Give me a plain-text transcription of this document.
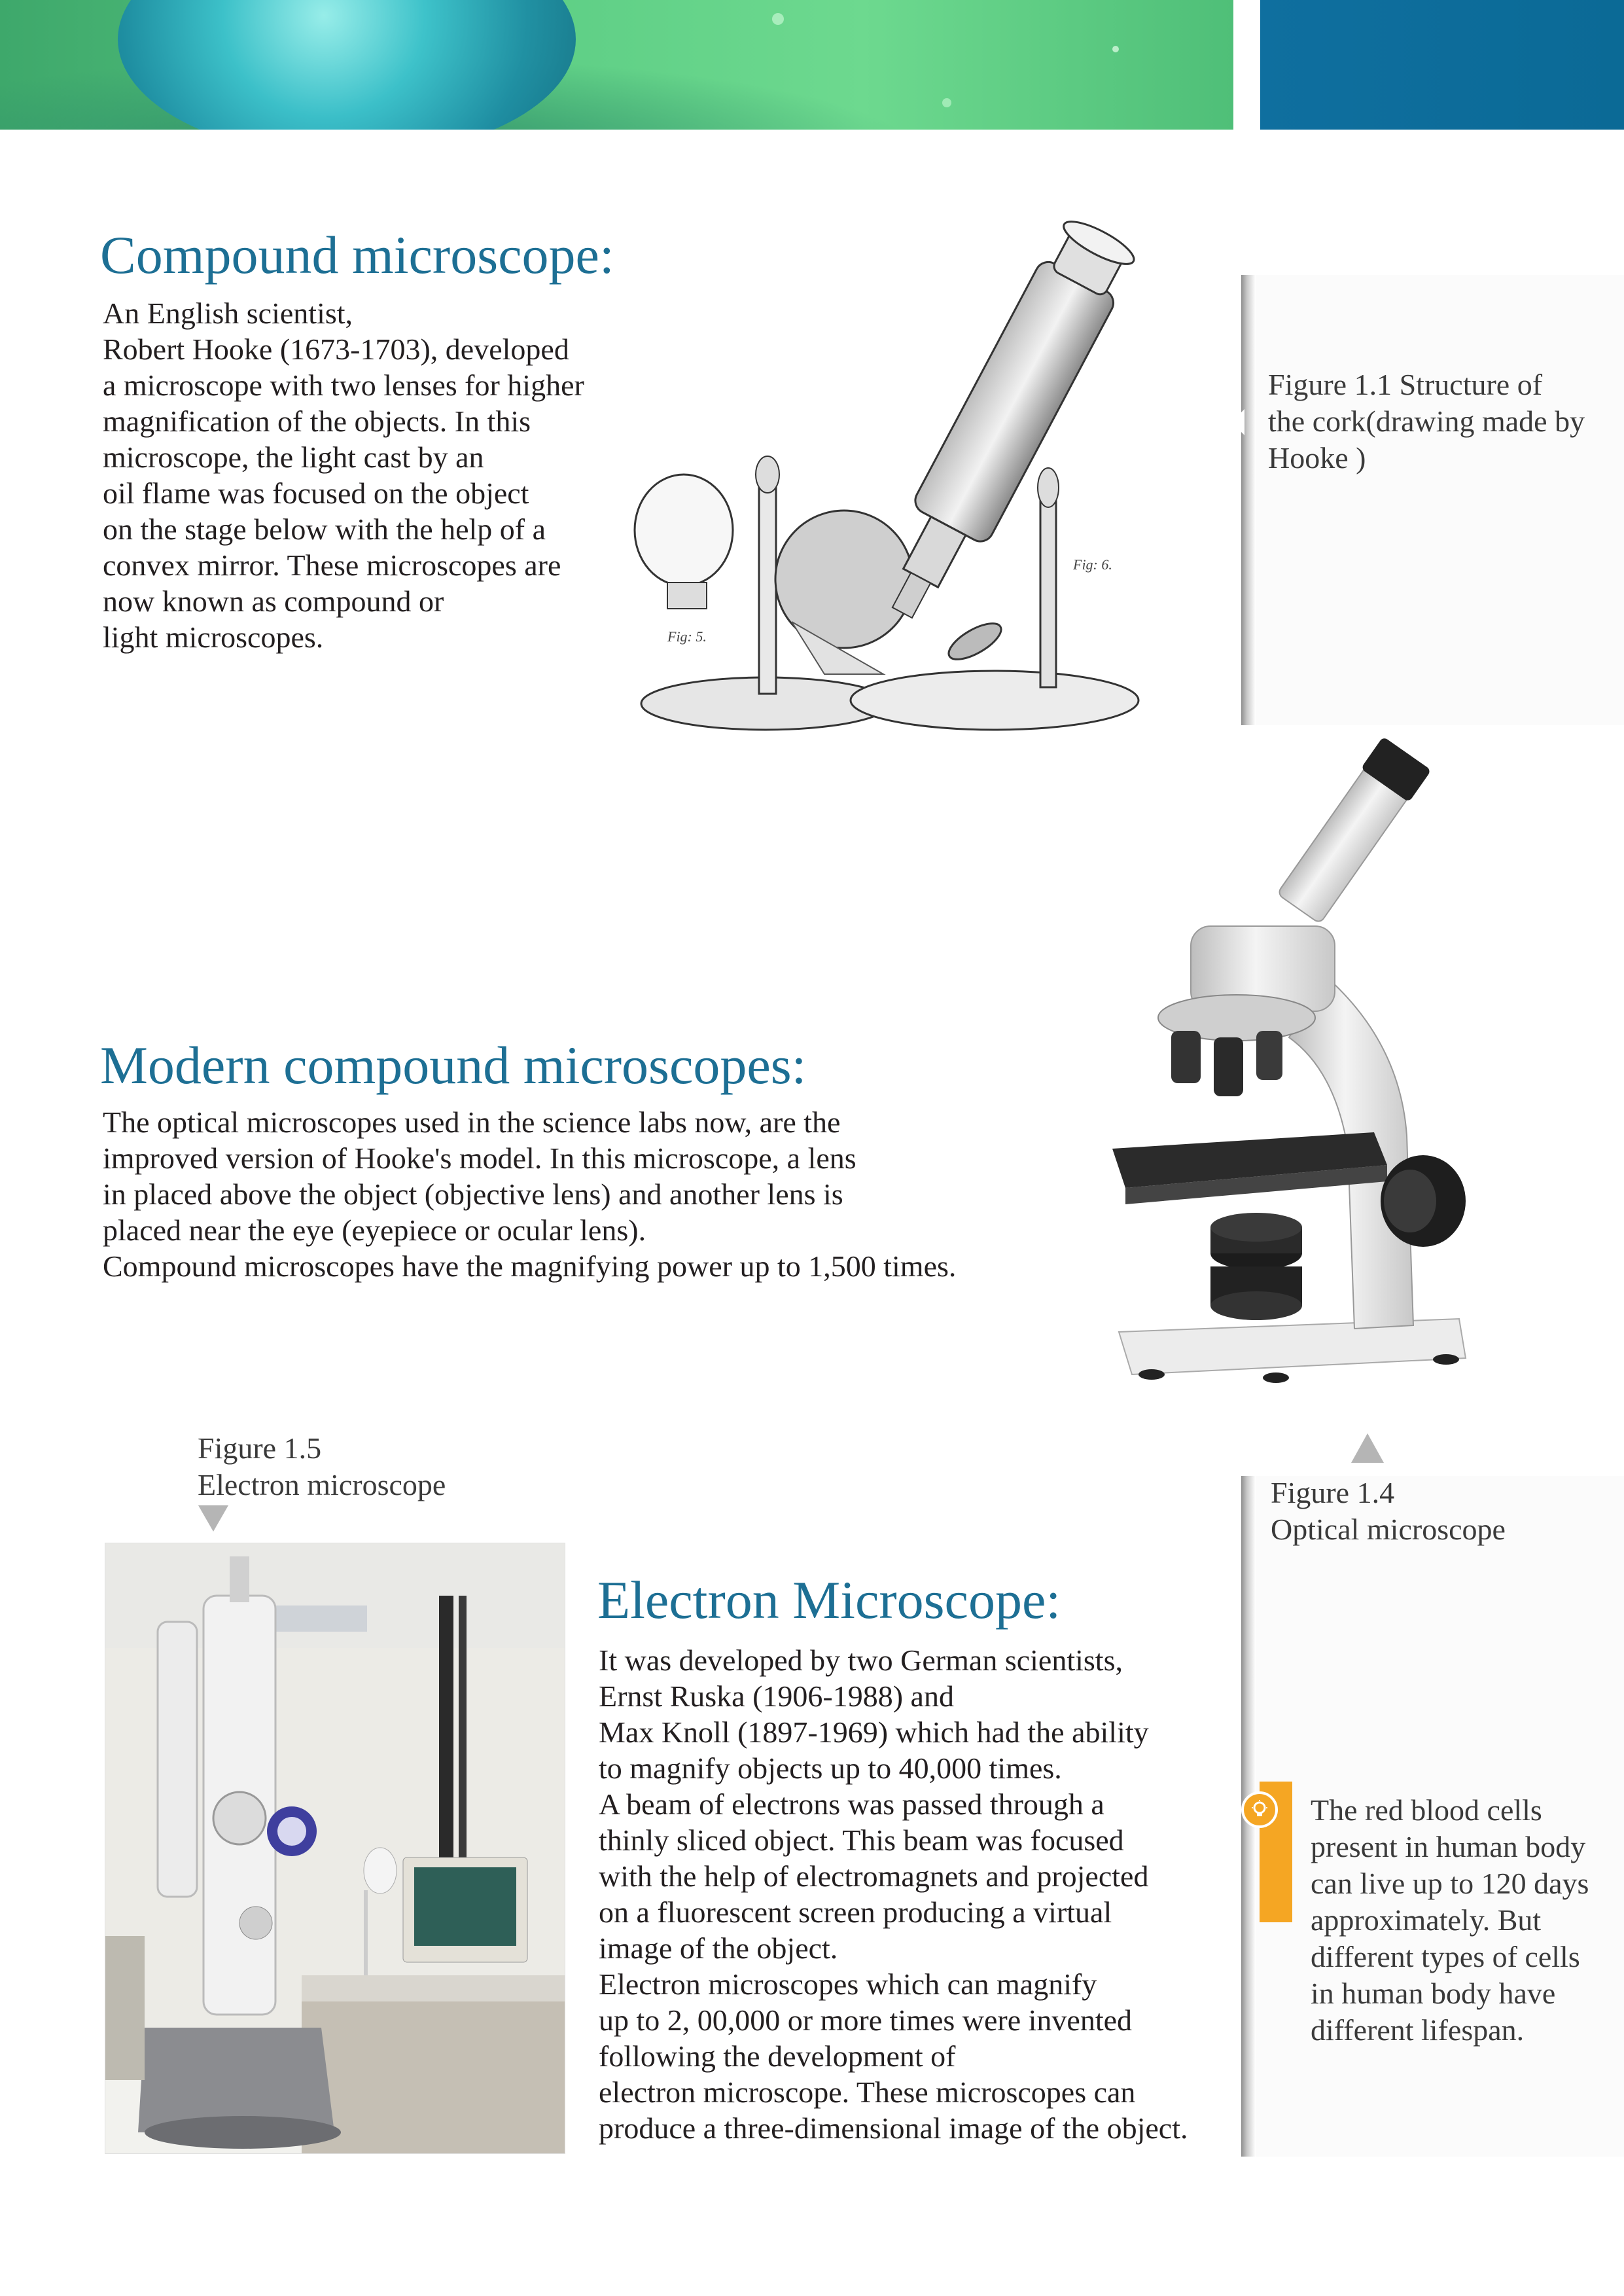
Compound microscope:
An English scientist,
Robert Hooke (1673-1703), developed
a microscope with two lenses for higher
magnification of the objects. In this
microscope, the light cast by an
oil flame was focused on the object
on the stage below with the help of a
convex mirror. These microscopes are
now known as compound or
light microscopes.
Fig: 6.
Fig: 5.
Figure 1.1 Structure of
the cork(drawing made by
Hooke )
Modern compound microscopes:
The optical microscopes used in the science labs now, are the
improved version of Hooke's model. In this microscope, a lens
in placed above the object (objective lens) and another lens is
placed near the eye (eyepiece or ocular lens).
Compound microscopes have the magnifying power up to 1,500 times.
Figure 1.5
Electron microscope	Figure 1.4
Optical microscope
Electron Microscope:
It was developed by two German scientists,
Ernst Ruska (1906-1988) and
Max Knoll (1897-1969) which had the ability
to magnify objects up to 40,000 times.
A beam of electrons was passed through a
thinly sliced object. This beam was focused
with the help of electromagnets and projected
on a fluorescent screen producing a virtual
image of the object.
Electron microscopes which can magnify
up to 2, 00,000 or more times were invented
following the development of
electron microscope. These microscopes can
produce a three-dimensional image of the object.
The red blood cells
present in human body
can live up to 120 days
approximately. But
different types of cells
in human body have
different lifespan.
